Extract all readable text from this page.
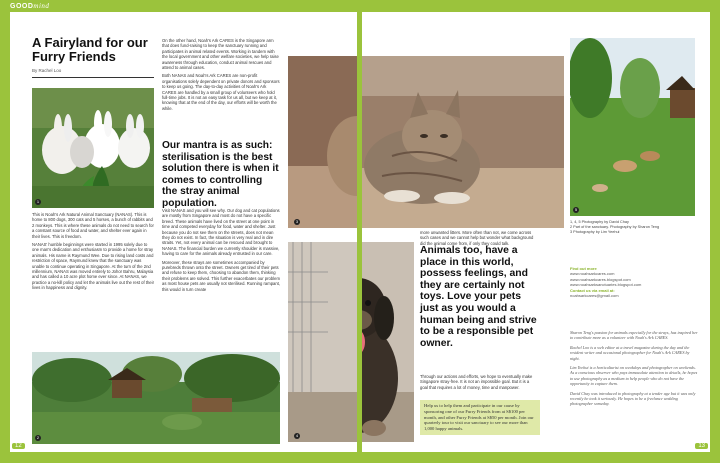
GOODmind
A Fairyland for our Furry Friends
By Rachel Loo
1

This is Noah's Ark Natural Animal Sanctuary (NANAS). This is home to 800 dogs, 300 cats and 5 horses, a bunch of rabbits and 2 monkeys. This is where these animals do not need to search for a constant source of food and water, and shelter ever again in their lives. This is freedom.

NANAS' humble beginnings were started in 1995 solely due to one man's dedication and enthusiasm to provide a home for stray animals. His name is Raymund Wee. Due to rising land costs and restriction of space, Raymund knew that the sanctuary was unable to continue operating in Singapore. At the turn of the 2nd millennium, NANAS was moved entirely to Johor Bahru, Malaysia and has called a 10 acre plot home ever since. At NANAS, we practice a no-kill policy and let the animals live out the rest of their lives in happiness and dignity.

2

On the other hand, Noah's Ark CARES is the Singapore arm that does fund-raising to keep the sanctuary running and participates in animal related events. Working in tandem with the local government and other welfare societies, we help raise awareness through education, conduct animal rescues and attend to animal cases.

Both NANAS and Noah's Ark CARES are non-profit organisations solely dependent on private donors and sponsors to keep us going. The day-to-day activities of Noah's Ark CARES are handled by a small group of volunteers who hold full-time jobs. It is not an easy task for us all, but we keep at it, knowing that at the end of the day, our efforts will be worth the while.

Our mantra is as such: sterilisation is the best solution there is when it comes to controlling the stray animal population.

Visit NANAS and you will see why. Our dog and cat populations are mostly from Singapore and most do not have a specific breed. These animals have lived on the street at one point in time and competed everyday for food, water and shelter. Just because you do not see them on the streets, does not mean they do not exist. In fact, the situation is very real and in dire straits. Yet, not every animal can be rescued and brought to NANAS. The financial burden we currently shoulder is massive, having to care for the animals already entrusted in our care.

Moreover, these strays are sometimes accompanied by purebreds thrown onto the street. Owners get tired of their pets and refuse to keep them, choosing to abandon them, thinking their problems are solved. This further exacerbates our problem as most house pets are usually not sterilised. Running rampant, this would in turn create

3
4
12

more unwanted litters. More often than not, we come across such cases and we cannot help but wonder what background did the animal come from, if only they could talk.

Animals too, have a place in this world, possess feelings, and they are certainly not toys. Love your pets just as you would a human being and strive to be a responsible pet owner.

Through our actions and efforts, we hope to eventually make Singapore stray-free. It is not an impossible goal. But it is a goal that requires a lot of money, time and manpower.

Help us to help them and participate in our cause by sponsoring one of our Furry Friends from at S$100 per month, and other Furry Friends at S$50 per month. Join our quarterly tour to visit our sanctuary to see our more than 1,000 happy animals.
5
1, 4, 5 Photography by David Chay
2 Part of the sanctuary. Photography by Sharon Teng
3 Photography by Lim Yeehui
Find out more
www.noahsarkcares.com
www.noahsarkcares.blogspot.com
www.noahsarksanctuaries.blogspot.com
Contact us via email at:
noahsarkcares@gmail.com

Sharon Teng's passion for animals especially for the strays, has inspired her to contribute more as a volunteer with Noah's Ark CARES.

Rachel Loo is a web editor at a travel magazine during the day and the resident writer and occasional photographer for Noah's Ark CARES by night.

Lim Yeehui is a horticulturist on weekdays and photographer on weekends. As a conscious observer who pays immaculate attention to details, he hopes to use photography as a medium to help people who do not have the opportunity to capture them.

David Chay was introduced to photography at a tender age but it was only recently he took it seriously. He hopes to be a freelance wedding photographer someday.

13
